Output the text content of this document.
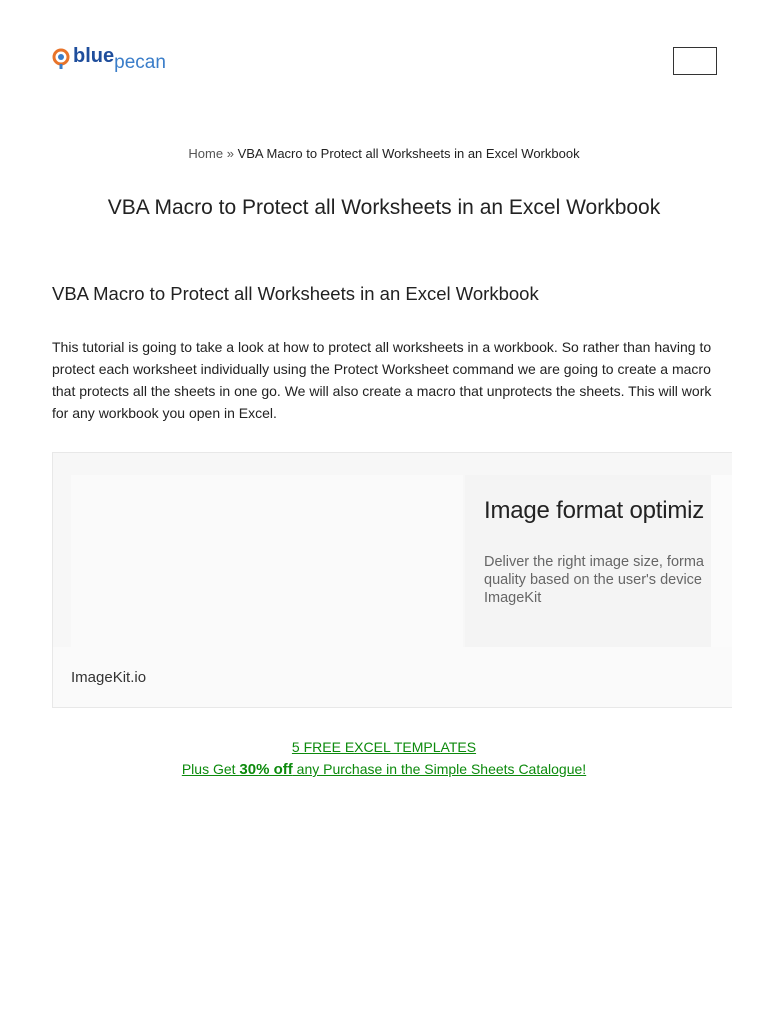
blue pecan
Home » VBA Macro to Protect all Worksheets in an Excel Workbook
VBA Macro to Protect all Worksheets in an Excel Workbook
VBA Macro to Protect all Worksheets in an Excel Workbook

This tutorial is going to take a look at how to protect all worksheets in a workbook. So rather than having to protect each worksheet individually using the Protect Worksheet command we are going to create a macro that protects all the sheets in one go. We will also create a macro that unprotects the sheets. This will work for any workbook you open in Excel.

Image format optimiz
Deliver the right image size, forma
quality based on the user's device
ImageKit
ImageKit.io
5 FREE EXCEL TEMPLATES
Plus Get 30% off any Purchase in the Simple Sheets Catalogue!
